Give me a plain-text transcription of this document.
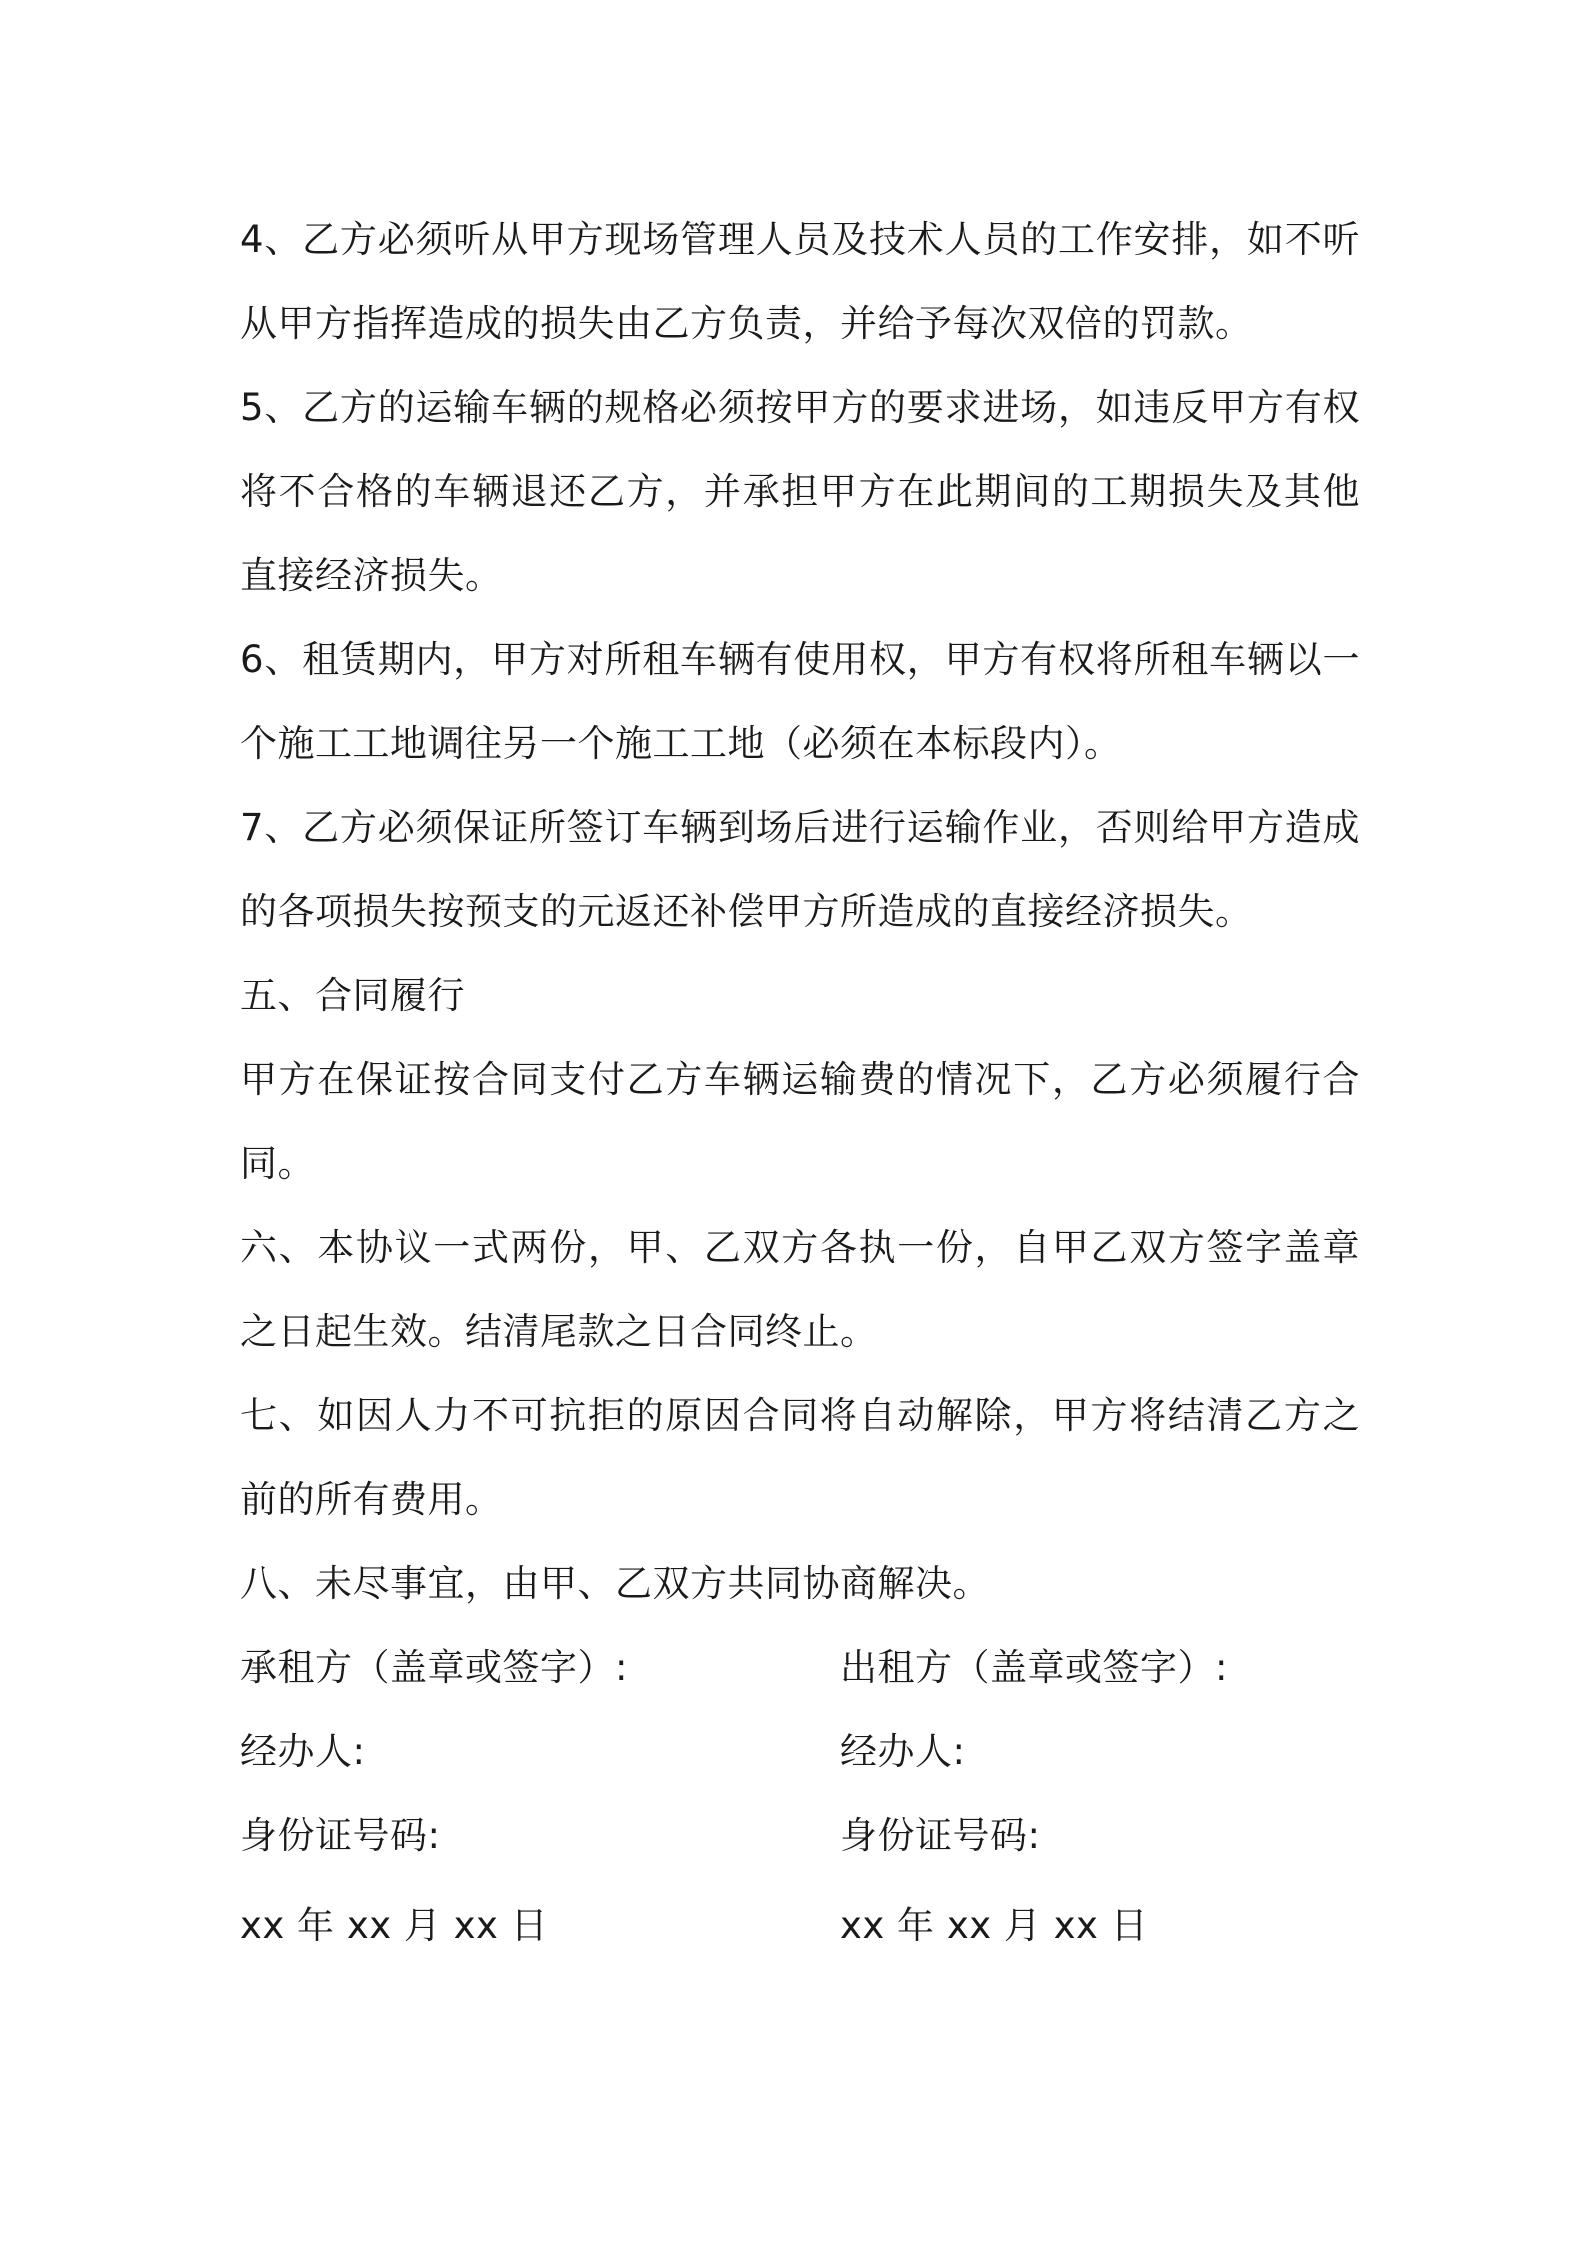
4、乙方必须听从甲方现场管理人员及技术人员的工作安排，如不听从甲方指挥造成的损失由乙方负责，并给予每次双倍的罚款。

5、乙方的运输车辆的规格必须按甲方的要求进场，如违反甲方有权将不合格的车辆退还乙方，并承担甲方在此期间的工期损失及其他直接经济损失。

6、租赁期内，甲方对所租车辆有使用权，甲方有权将所租车辆以一个施工工地调往另一个施工工地（必须在本标段内）。

7、乙方必须保证所签订车辆到场后进行运输作业，否则给甲方造成的各项损失按预支的元返还补偿甲方所造成的直接经济损失。

五、合同履行

甲方在保证按合同支付乙方车辆运输费的情况下，乙方必须履行合同。

六、本协议一式两份，甲、乙双方各执一份，自甲乙双方签字盖章之日起生效。结清尾款之日合同终止。

七、如因人力不可抗拒的原因合同将自动解除，甲方将结清乙方之前的所有费用。

八、未尽事宜，由甲、乙双方共同协商解决。

承租方（盖章或签字）:	出租方（盖章或签字）:
经办人:	经办人:
身份证号码:	身份证号码:
xx 年 xx 月 xx 日	xx 年 xx 月 xx 日
